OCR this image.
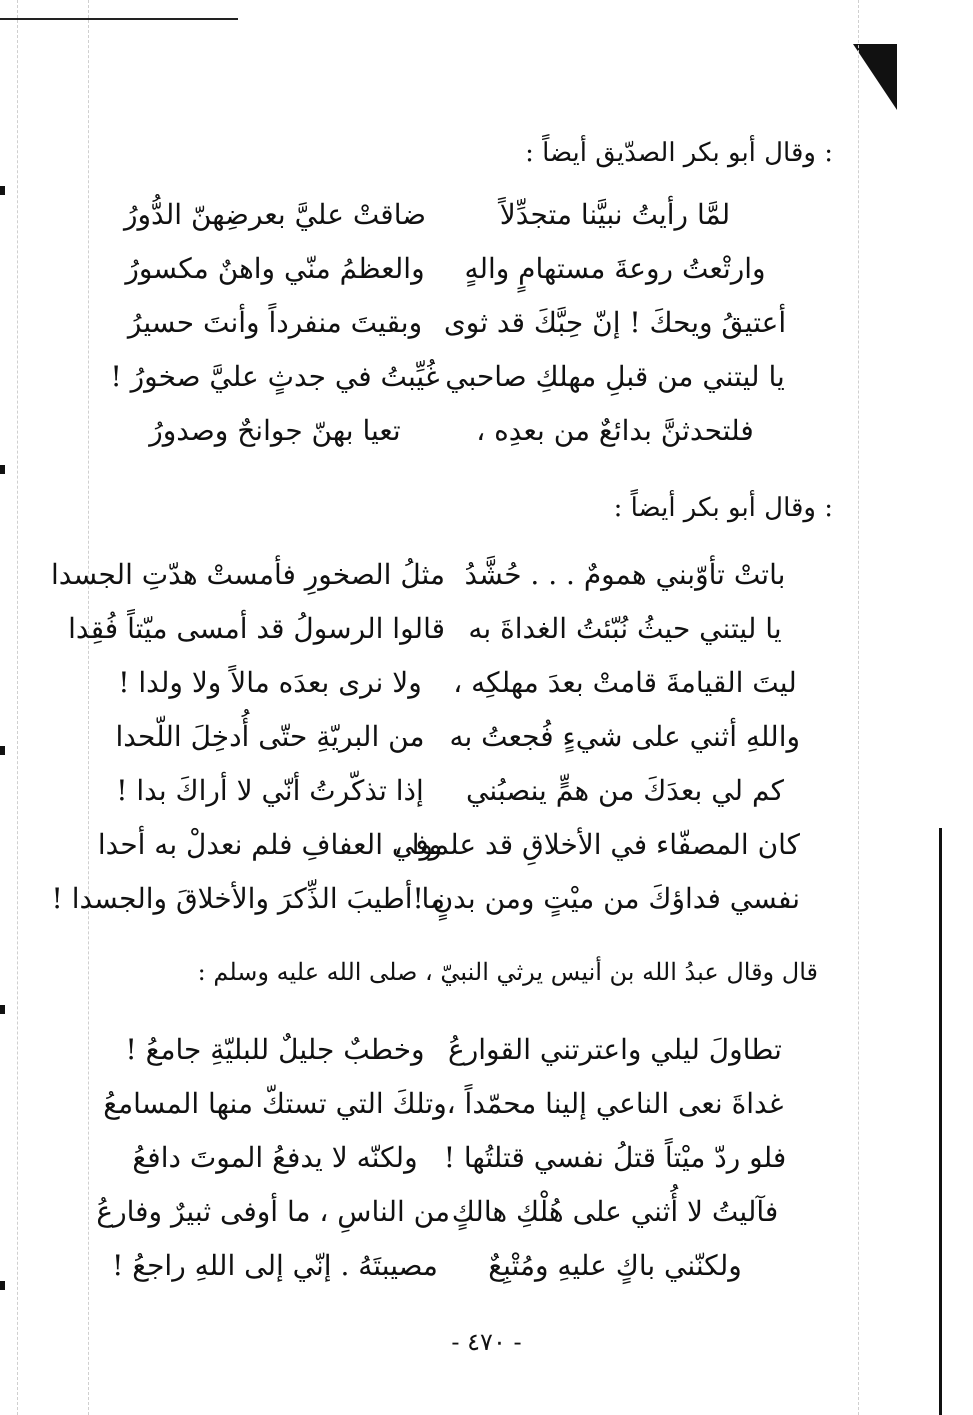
: وقال أبو بكر الصدّيق أيضاً :
لمَّا رأيتُ نبيَّنا متجدِّلاً
ضاقتْ عليَّ بعرضِهنّ الدُّورُ
وارتْعتُ روعةَ مستهامٍ والهٍ
والعظمُ منّي واهنٌ مكسورُ
أعتيقُ ويحكَ ! إنّ حِبَّكَ قد ثوى
وبقيتَ منفرداً وأنتَ حسيرُ
يا ليتني من قبلِ مهلكِ صاحبي
غُيِّبتُ في جدثٍ عليَّ صخورُ !
فلتحدثنَّ بدائعٌ من بعدِه ،
تعيا بهنّ جوانحٌ وصدورُ
: وقال أبو بكر أيضاً :
باتتْ تأوّبني همومٌ . . . حُشَّدُ
مثلُ الصخورِ فأمستْ هدّتِ الجسدا
يا ليتني حيثُ نُبّئتُ الغداةَ به
قالوا الرسولُ قد أمسى ميّتاً فُقِدا
ليتَ القيامةَ قامتْ بعدَ مهلكِه ،
ولا نرى بعدَه مالاً ولا ولدا !
واللهِ أثني على شيءٍ فُجعتُ به
من البريّةِ حتّى أُدخِلَ اللّحدا
كم لي بعدَكَ من همٍّ ينصبُني
إذا تذكّرتُ أنّي لا أراكَ بدا !
كان المصفّاء في الأخلاقِ قد علموا ،
وفي العفافِ فلم نعدلْ به أحدا
نفسي فداؤكَ من ميْتٍ ومن بدنٍ !
ما أطيبَ الذِّكرَ والأخلاقَ والجسدا !
قال وقال عبدُ الله بن أنيس يرثي النبيّ ، صلى الله عليه وسلم :
تطاولَ ليلي واعترتني القوارعُ
وخطبٌ جليلٌ للبليّةِ جامعُ !
غداةَ نعى الناعي إلينا محمّداً ،
وتلكَ التي تستكّ منها المسامعُ
فلو ردّ ميْتاً قتلُ نفسي قتلتُها !
ولكنّه لا يدفعُ الموتَ دافعُ
فآليتُ لا أُثني على هُلْكِ هالكٍ
من الناسِ ، ما أوفى ثبيرٌ وفارعُ
ولكنّني باكٍ عليهِ ومُتْبِعٌ
مصيبتَهُ . إنّي إلى اللهِ راجعُ !
- ٤٧٠ -
